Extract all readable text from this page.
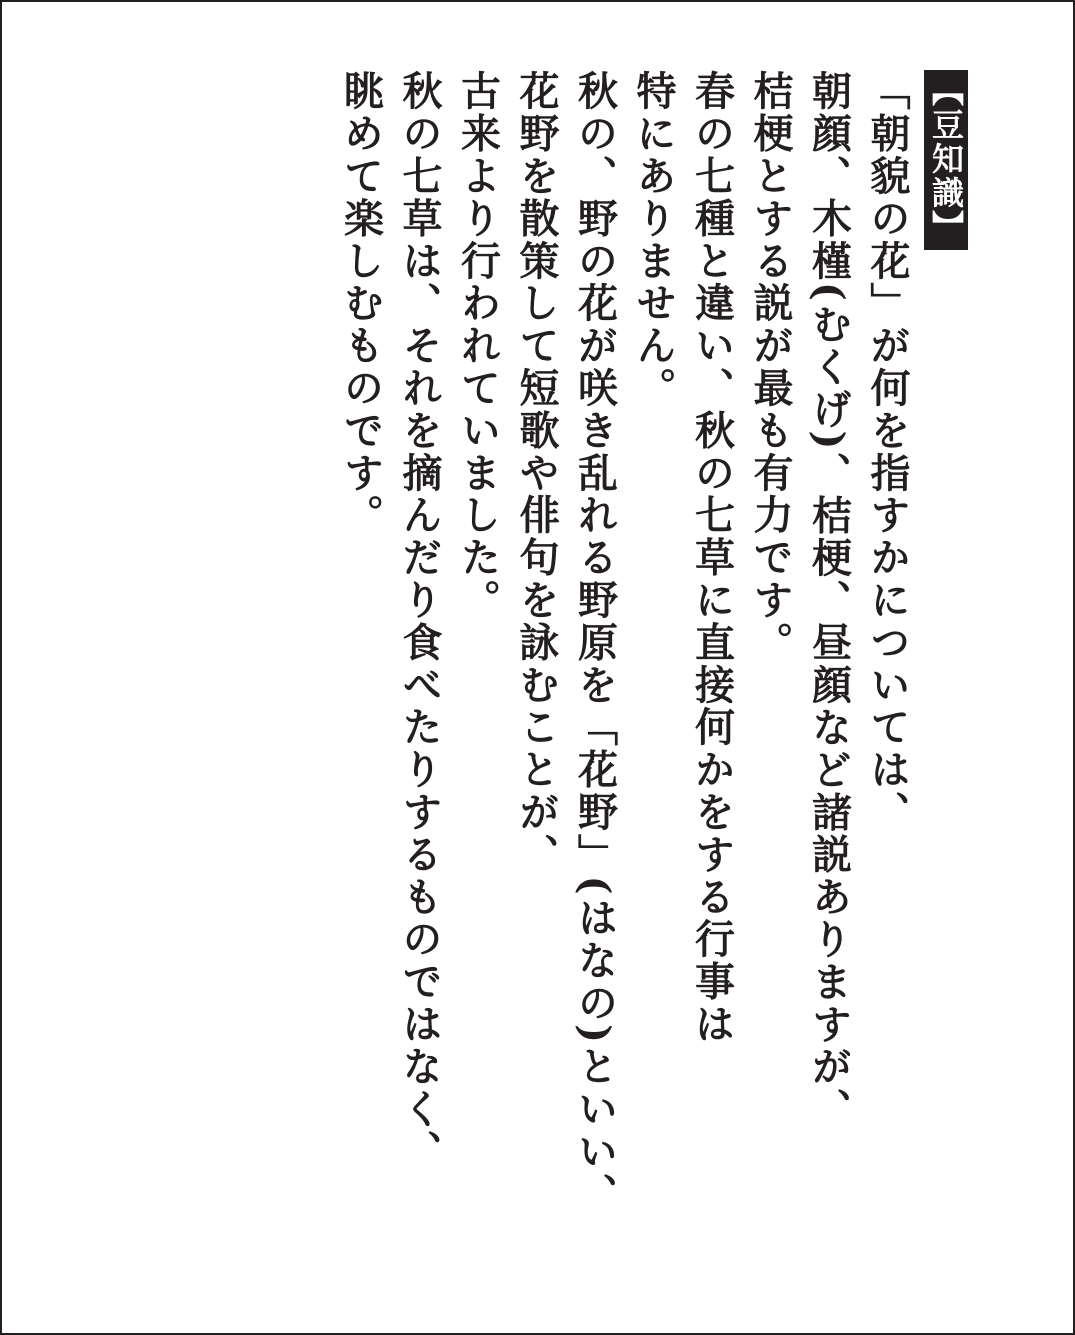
【豆知識】
「朝貌の花」が何を指すかについては、
朝顔、木槿(むくげ)、桔梗、昼顔など諸説ありますが、
桔梗とする説が最も有力です。
春の七種と違い、秋の七草に直接何かをする行事は
特にありません。
秋の、野の花が咲き乱れる野原を「花野」(はなの)といい、
花野を散策して短歌や俳句を詠むことが、
古来より行われていました。
秋の七草は、それを摘んだり食べたりするものではなく、
眺めて楽しむものです。
